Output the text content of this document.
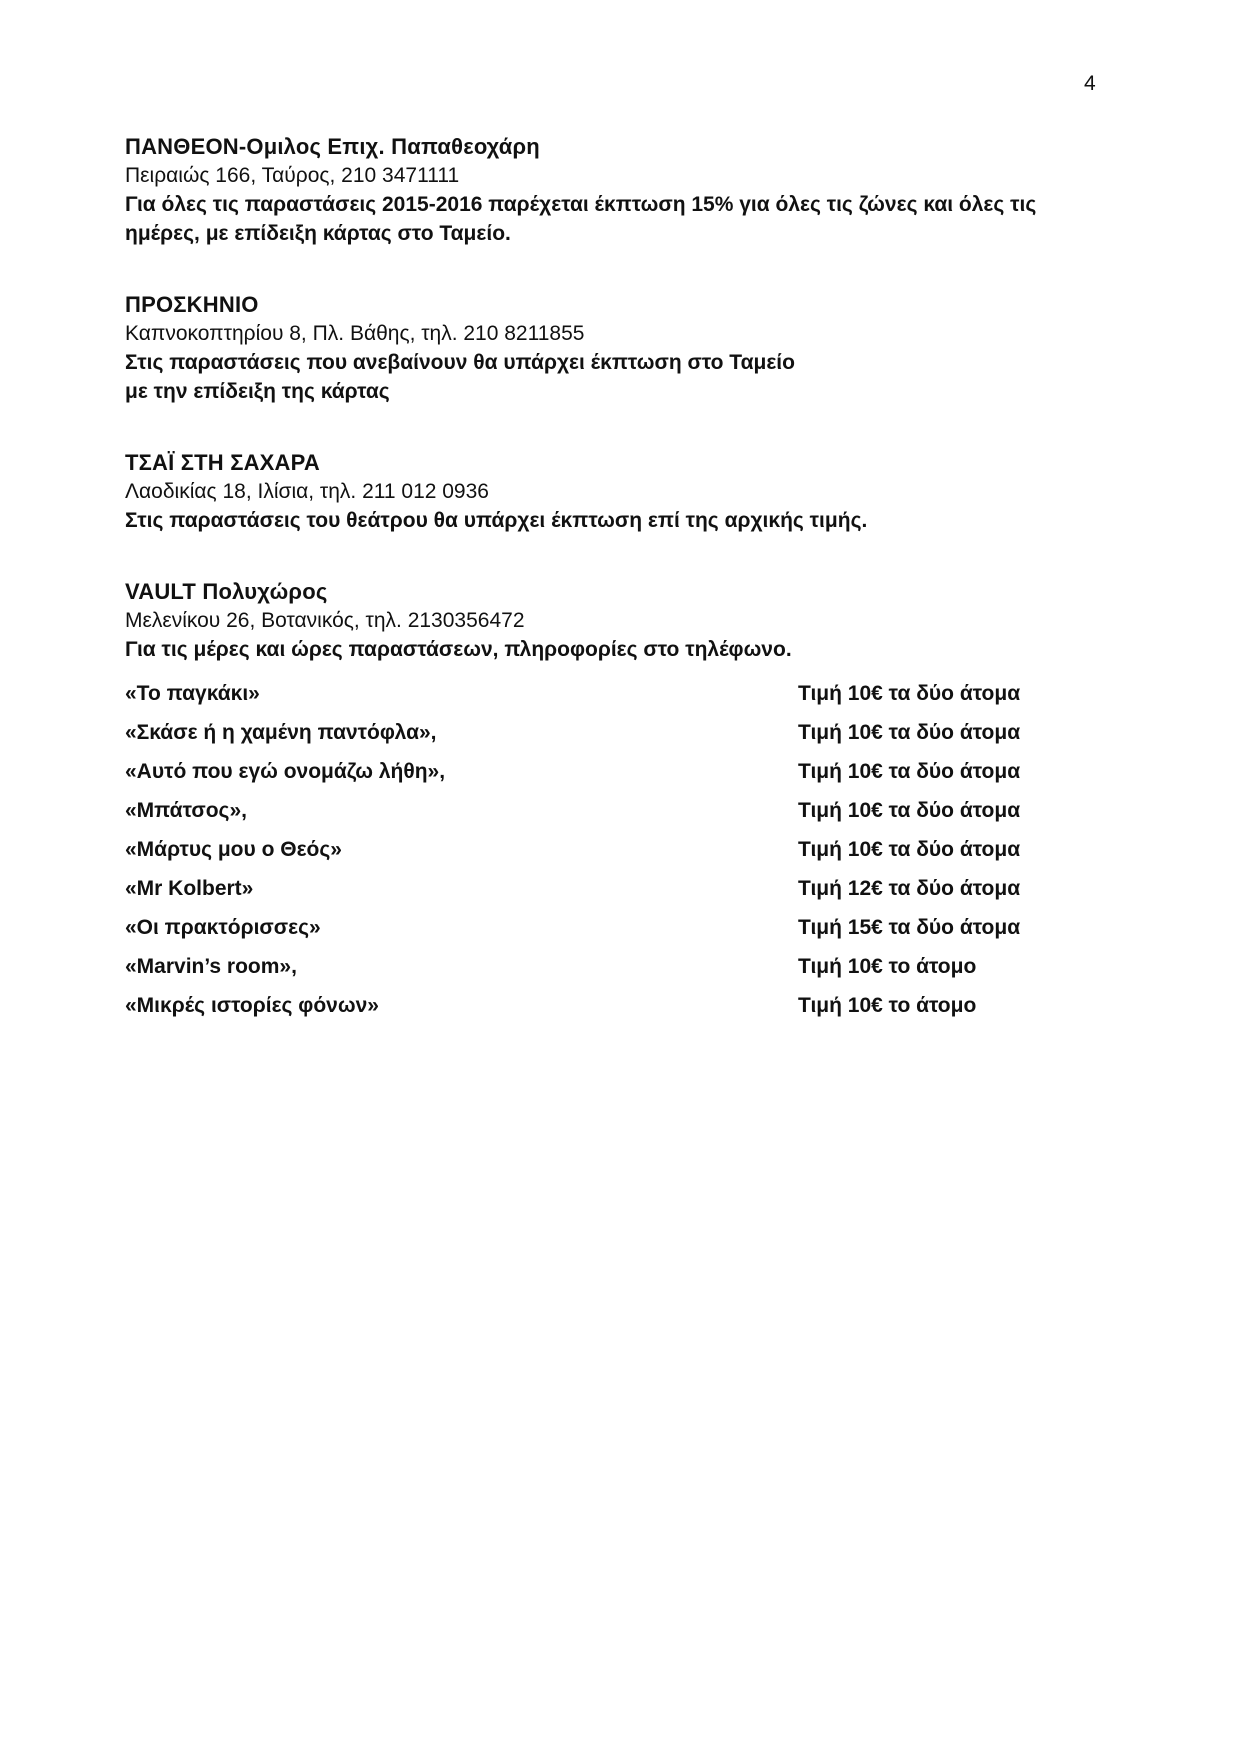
4

ΠΑΝΘΕΟΝ-Ομιλος Επιχ. Παπαθεοχάρη

Πειραιώς 166, Ταύρος, 210 3471111

Για όλες τις παραστάσεις 2015-2016 παρέχεται έκπτωση 15% για όλες τις ζώνες και όλες τις ημέρες, με επίδειξη κάρτας στο Ταμείο.

ΠΡΟΣΚΗΝΙΟ

Καπνοκοπτηρίου 8, Πλ. Βάθης, τηλ. 210 8211855

Στις παραστάσεις που ανεβαίνουν θα υπάρχει έκπτωση στο Ταμείο

με την επίδειξη της κάρτας

ΤΣΑΪ ΣΤΗ ΣΑΧΑΡΑ

Λαοδικίας 18, Ιλίσια, τηλ. 211 012 0936

Στις παραστάσεις του θεάτρου θα υπάρχει έκπτωση επί της αρχικής τιμής.

VAULT Πολυχώρος

Μελενίκου 26, Βοτανικός, τηλ. 2130356472

Για τις μέρες και ώρες παραστάσεων, πληροφορίες στο τηλέφωνο.

«Το παγκάκι»	Τιμή 10€ τα δύο άτομα
«Σκάσε ή η χαμένη παντόφλα»,	Τιμή 10€ τα δύο άτομα
«Αυτό που εγώ ονομάζω λήθη»,	Τιμή 10€ τα δύο άτομα
«Μπάτσος»,	Τιμή 10€ τα δύο άτομα
«Μάρτυς μου ο Θεός»	Τιμή 10€ τα δύο άτομα
«Mr Kolbert»	Τιμή 12€ τα δύο άτομα
«Οι πρακτόρισσες»	Τιμή 15€ τα δύο άτομα
«Marvin’s room»,	Τιμή 10€ το άτομο
«Μικρές ιστορίες φόνων»	Τιμή 10€ το άτομο
